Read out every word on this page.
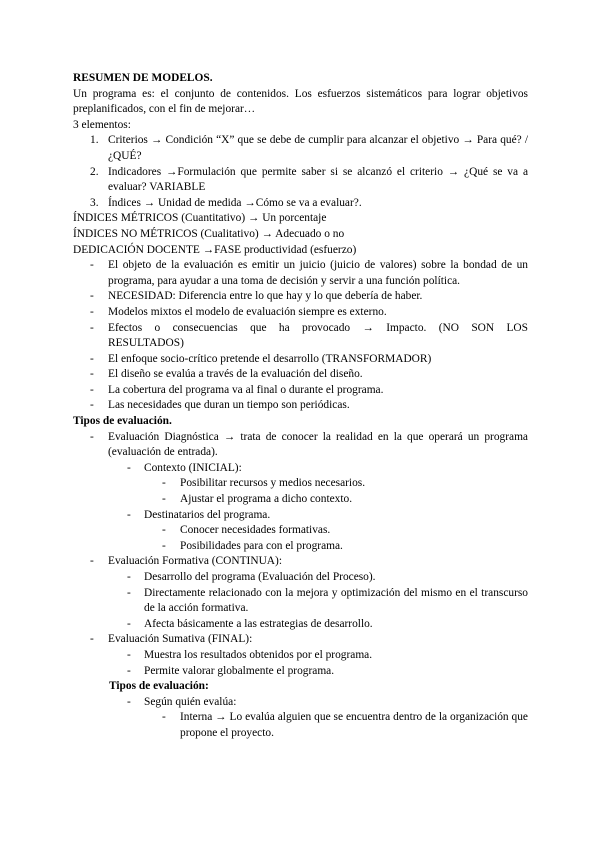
RESUMEN DE MODELOS.
Un programa es: el conjunto de contenidos. Los esfuerzos sistemáticos para lograr objetivos preplanificados, con el fin de mejorar…
3 elementos:
1. Criterios → Condición “X” que se debe de cumplir para alcanzar el objetivo → Para qué? / ¿QUÉ?
2. Indicadores →Formulación que permite saber si se alcanzó el criterio → ¿Qué se va a evaluar? VARIABLE
3. Índices → Unidad de medida →Cómo se va a evaluar?.
ÍNDICES MÉTRICOS (Cuantitativo) → Un porcentaje
ÍNDICES NO MÉTRICOS (Cualitativo) → Adecuado o no
DEDICACIÓN DOCENTE →FASE productividad (esfuerzo)
-	El objeto de la evaluación es emitir un juicio (juicio de valores) sobre la bondad de un programa, para ayudar a una toma de decisión y servir a una función política.
-	NECESIDAD: Diferencia entre lo que hay y lo que debería de haber.
-	Modelos mixtos el modelo de evaluación siempre es externo.
-	Efectos o consecuencias que ha provocado → Impacto. (NO SON LOS RESULTADOS)
-	El enfoque socio-crítico pretende el desarrollo (TRANSFORMADOR)
-	El diseño se evalúa a través de la evaluación del diseño.
-	La cobertura del programa va al final o durante el programa.
-	Las necesidades que duran un tiempo son periódicas.
Tipos de evaluación.
-	Evaluación Diagnóstica → trata de conocer la realidad en la que operará un programa (evaluación de entrada).
- Contexto (INICIAL):
- Posibilitar recursos y medios necesarios.
- Ajustar el programa a dicho contexto.
- Destinatarios del programa.
- Conocer necesidades formativas.
- Posibilidades para con el programa.
-	Evaluación Formativa (CONTINUA):
- Desarrollo del programa (Evaluación del Proceso).
- Directamente relacionado con la mejora y optimización del mismo en el transcurso de la acción formativa.
- Afecta básicamente a las estrategias de desarrollo.
-	Evaluación Sumativa (FINAL):
- Muestra los resultados obtenidos por el programa.
- Permite valorar globalmente el programa.
Tipos de evaluación:
- Según quién evalúa:
- Interna → Lo evalúa alguien que se encuentra dentro de la organización que propone el proyecto.
